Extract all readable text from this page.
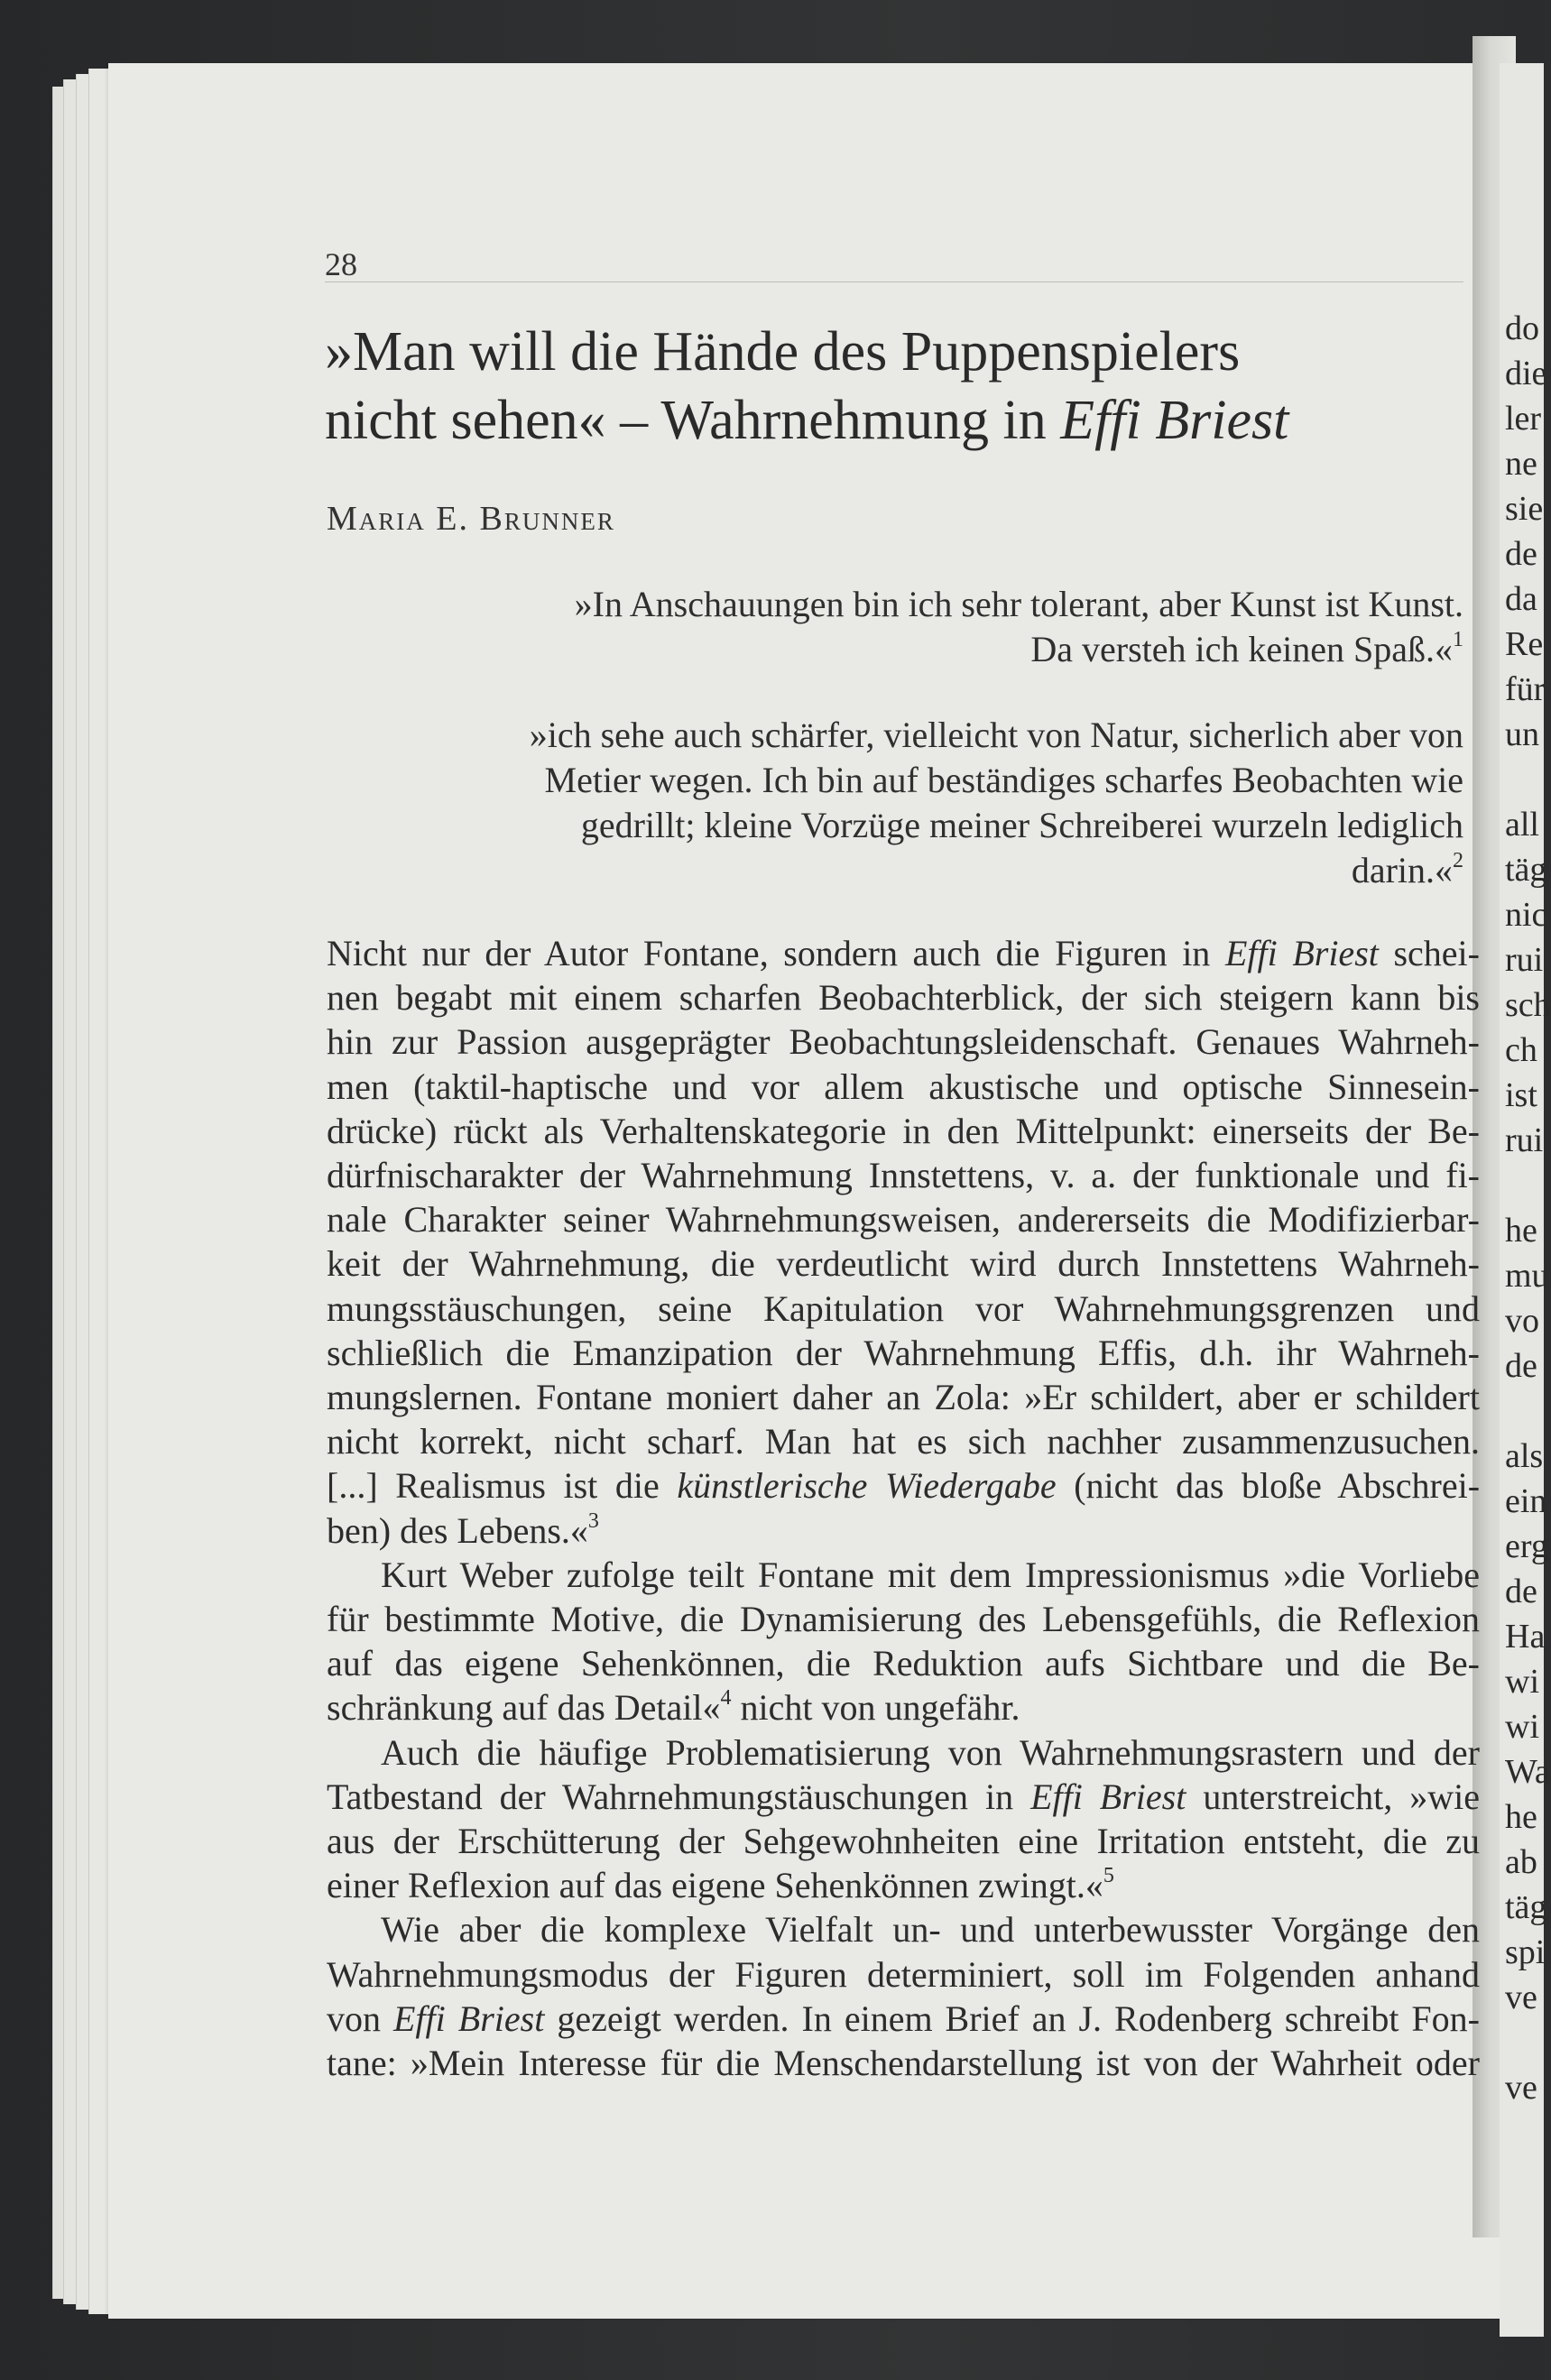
do
die
ler
ne
sie
de
da
Re
für
un
all
täg
nic
rui
sch
ch
ist
rui
he
mu
vo
de
als
ein
erg
de
Ha
wi
wi
Wa
he
ab
täg
spi
ve
ve
28
»Man will die Hände des Puppenspielers
nicht sehen« – Wahrnehmung in Effi Briest
Maria E. Brunner
»In Anschauungen bin ich sehr tolerant, aber Kunst ist Kunst.
Da versteh ich keinen Spaß.«$^1$
»ich sehe auch schärfer, vielleicht von Natur, sicherlich aber von
Metier wegen. Ich bin auf beständiges scharfes Beobachten wie
gedrillt; kleine Vorzüge meiner Schreiberei wurzeln lediglich
darin.«$^2$
Nicht nur der Autor Fontane, sondern auch die Figuren in Effi Briest schei-
nen begabt mit einem scharfen Beobachterblick, der sich steigern kann bis
hin zur Passion ausgeprägter Beobachtungsleidenschaft. Genaues Wahrneh-
men (taktil-haptische und vor allem akustische und optische Sinnesein-
drücke) rückt als Verhaltenskategorie in den Mittelpunkt: einerseits der Be-
dürfnischarakter der Wahrnehmung Innstettens, v. a. der funktionale und fi-
nale Charakter seiner Wahrnehmungsweisen, andererseits die Modifizierbar-
keit der Wahrnehmung, die verdeutlicht wird durch Innstettens Wahrneh-
mungsstäuschungen, seine Kapitulation vor Wahrnehmungsgrenzen und
schließlich die Emanzipation der Wahrnehmung Effis, d.h. ihr Wahrneh-
mungslernen. Fontane moniert daher an Zola: »Er schildert, aber er schildert
nicht korrekt, nicht scharf. Man hat es sich nachher zusammenzusuchen.
[...] Realismus ist die künstlerische Wiedergabe (nicht das bloße Abschrei-
ben) des Lebens.«$^3$
Kurt Weber zufolge teilt Fontane mit dem Impressionismus »die Vorliebe
für bestimmte Motive, die Dynamisierung des Lebensgefühls, die Reflexion
auf das eigene Sehenkönnen, die Reduktion aufs Sichtbare und die Be-
schränkung auf das Detail«$^4$ nicht von ungefähr.
Auch die häufige Problematisierung von Wahrnehmungsrastern und der
Tatbestand der Wahrnehmungstäuschungen in Effi Briest unterstreicht, »wie
aus der Erschütterung der Sehgewohnheiten eine Irritation entsteht, die zu
einer Reflexion auf das eigene Sehenkönnen zwingt.«$^5$
Wie aber die komplexe Vielfalt un- und unterbewusster Vorgänge den
Wahrnehmungsmodus der Figuren determiniert, soll im Folgenden anhand
von Effi Briest gezeigt werden. In einem Brief an J. Rodenberg schreibt Fon-
tane: »Mein Interesse für die Menschendarstellung ist von der Wahrheit oder
